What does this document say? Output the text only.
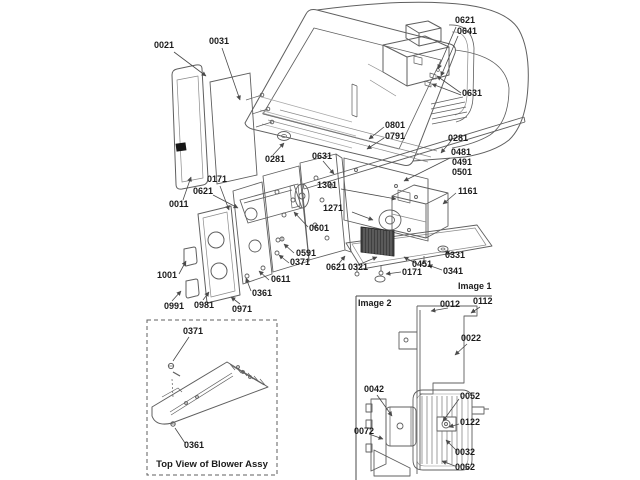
0021	0031
0621
0641
0631
0801
0791	0281
0481
0491
0501
1161
0281	0631
0171
0621
1301
1271
0011
0601
0591
0371
1001	0611
0361
0621 0321	0451
0171
0331
0341
0991 0981 0971
0371
0361
0012 0112
0022
0042
0052
0122
0072
0032
0062
Image 1
Image 2
Top View of Blower Assy
